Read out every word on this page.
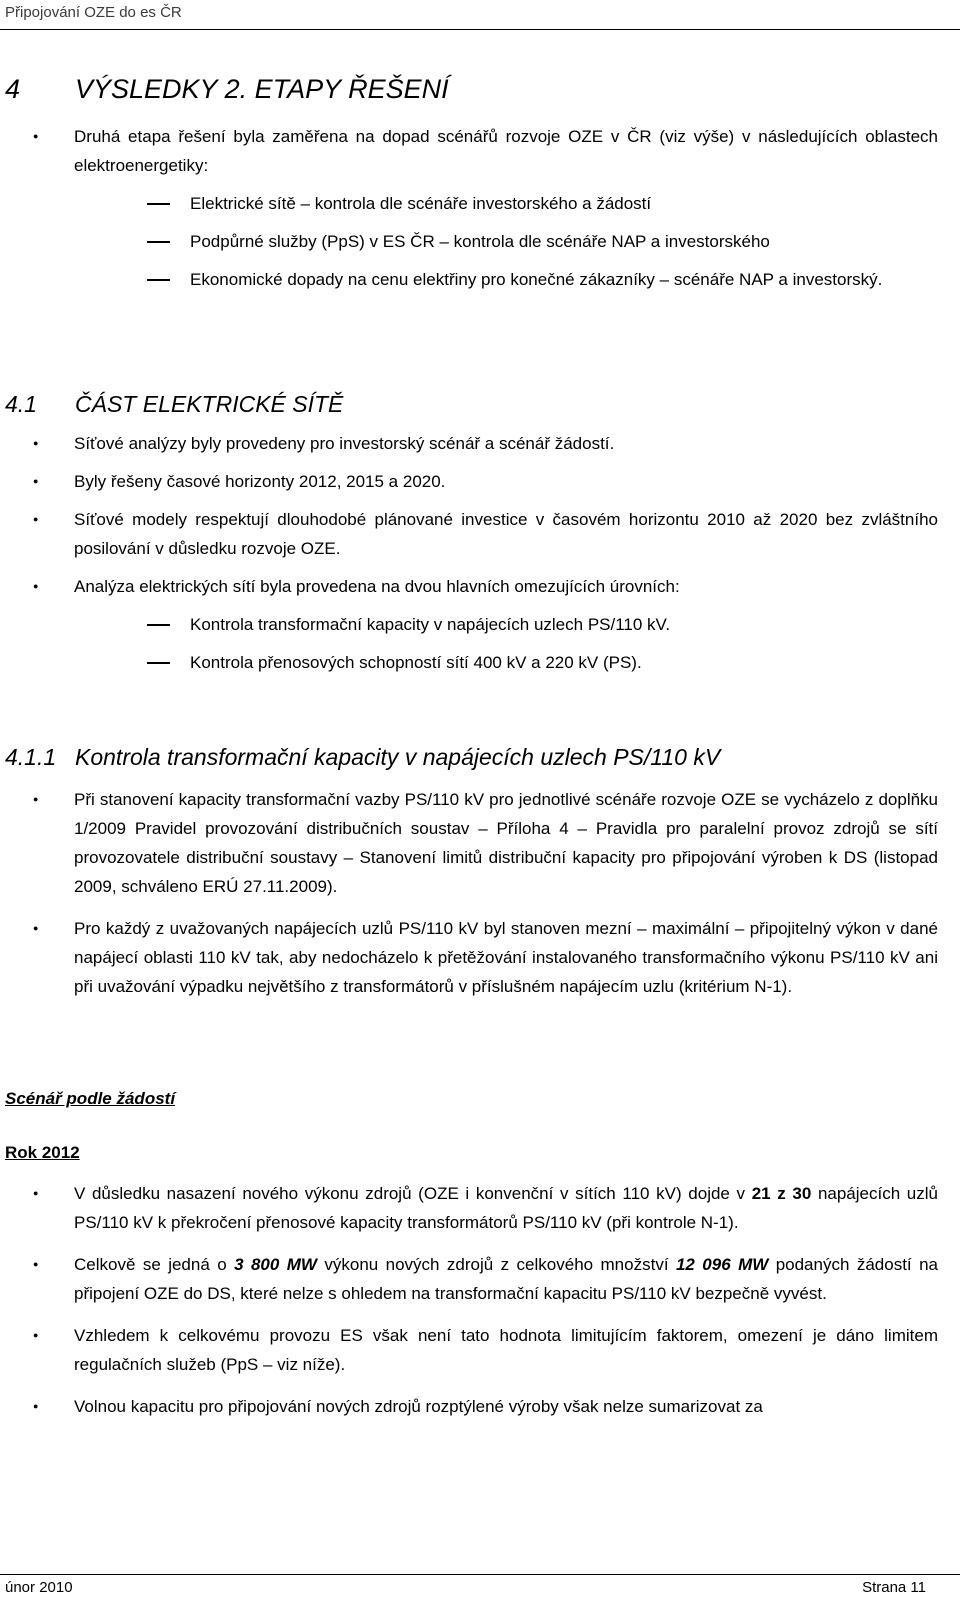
Připojování OZE do es ČR
4 VÝSLEDKY 2. ETAPY ŘEŠENÍ
● Druhá etapa řešení byla zaměřena na dopad scénářů rozvoje OZE v ČR (viz výše) v následujících oblastech elektroenergetiky:
Elektrické sítě – kontrola dle scénáře investorského a žádostí
Podpůrné služby (PpS) v ES ČR – kontrola dle scénáře NAP a investorského
Ekonomické dopady na cenu elektřiny pro konečné zákazníky – scénáře NAP a investorský.
4.1 ČÁST ELEKTRICKÉ SÍTĚ
● Síťové analýzy byly provedeny pro investorský scénář a scénář žádostí.
● Byly řešeny časové horizonty 2012, 2015 a 2020.
● Síťové modely respektují dlouhodobé plánované investice v časovém horizontu 2010 až 2020 bez zvláštního posilování v důsledku rozvoje OZE.
● Analýza elektrických sítí byla provedena na dvou hlavních omezujících úrovních:
Kontrola transformační kapacity v napájecích uzlech PS/110 kV.
Kontrola přenosových schopností sítí 400 kV a 220 kV (PS).
4.1.1 Kontrola transformační kapacity v napájecích uzlech PS/110 kV
● Při stanovení kapacity transformační vazby PS/110 kV pro jednotlivé scénáře rozvoje OZE se vycházelo z doplňku 1/2009 Pravidel provozování distribučních soustav – Příloha 4 – Pravidla pro paralelní provoz zdrojů se sítí provozovatele distribuční soustavy – Stanovení limitů distribuční kapacity pro připojování výroben k DS (listopad 2009, schváleno ERÚ 27.11.2009).
● Pro každý z uvažovaných napájecích uzlů PS/110 kV byl stanoven mezní – maximální – připojitelný výkon v dané napájecí oblasti 110 kV tak, aby nedocházelo k přetěžování instalovaného transformačního výkonu PS/110 kV ani při uvažování výpadku největšího z transformátorů v příslušném napájecím uzlu (kritérium N-1).
Scénář podle žádostí
Rok 2012
● V důsledku nasazení nového výkonu zdrojů (OZE i konvenční v sítích 110 kV) dojde v 21 z 30 napájecích uzlů PS/110 kV k překročení přenosové kapacity transformátorů PS/110 kV (při kontrole N-1).
● Celkově se jedná o 3 800 MW výkonu nových zdrojů z celkového množství 12 096 MW podaných žádostí na připojení OZE do DS, které nelze s ohledem na transformační kapacitu PS/110 kV bezpečně vyvést.
● Vzhledem k celkovému provozu ES však není tato hodnota limitujícím faktorem, omezení je dáno limitem regulačních služeb (PpS – viz níže).
● Volnou kapacitu pro připojování nových zdrojů rozptýlené výroby však nelze sumarizovat za
únor 2010	Strana 11
